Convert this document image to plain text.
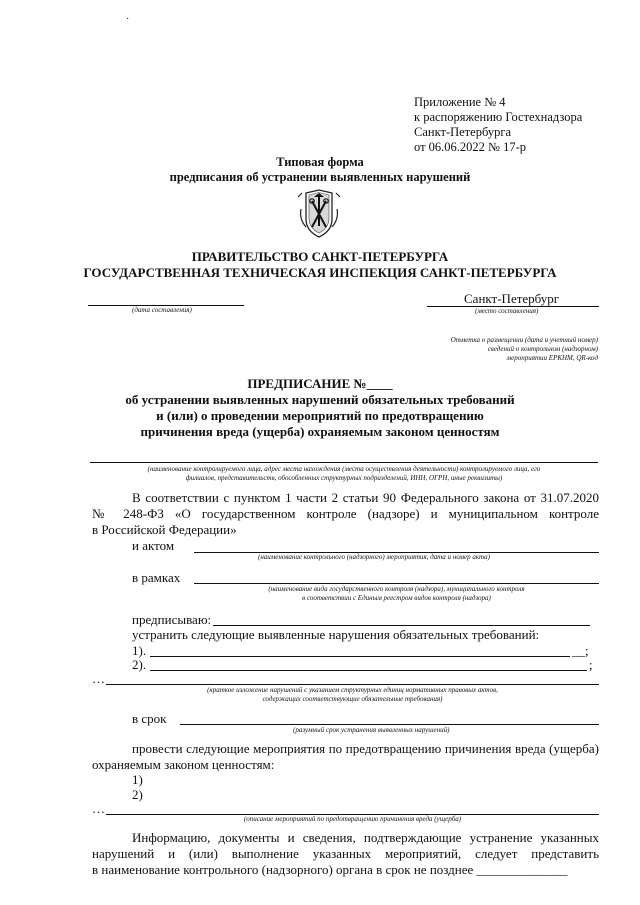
·
Приложение № 4
к распоряжению Гостехнадзора
Санкт-Петербурга
от 06.06.2022 № 17-р
Типовая форма
предписания об устранении выявленных нарушений
ПРАВИТЕЛЬСТВО САНКТ-ПЕТЕРБУРГА
ГОСУДАРСТВЕННАЯ ТЕХНИЧЕСКАЯ ИНСПЕКЦИЯ САНКТ-ПЕТЕРБУРГА
(дата составления)
Санкт-Петербург
(место составления)
Отметка о размещении (дата и учетный номер)
сведений о контрольном (надзорном)
мероприятии ЕРКНМ, QR-код
ПРЕДПИСАНИЕ №____
об устранении выявленных нарушений обязательных требований
и (или) о проведении мероприятий по предотвращению
причинения вреда (ущерба) охраняемым законом ценностям
(наименование контролируемого лица, адрес места нахождения (места осуществления деятельности) контролируемого лица, его
филиалов, представительств, обособленных структурных подразделений, ИНН, ОГРН, иные реквизиты)
В соответствии с пунктом 1 части 2 статьи 90 Федерального закона от 31.07.2020
№ 248-ФЗ «О государственном контроле (надзоре) и муниципальном контроле
в Российской Федерации»
и актом
(наименование контрольного (надзорного) мероприятия, дата и номер акта)
в рамках
(наименование вида государственного контроля (надзора), муниципального контроля
в соответствии с Единым реестром видов контроля (надзора)
предписываю:
устранить следующие выявленные нарушения обязательных требований:
1).	__;
2).	;
…
(краткое изложение нарушений с указанием структурных единиц нормативных правовых актов,
содержащих соответствующие обязательные требования)
в срок
(разумный срок устранения выявленных нарушений)
провести следующие мероприятия по предотвращению причинения вреда (ущерба)
охраняемым законом ценностям:
1)
2)
…
(описание мероприятий по предотвращению причинения вреда (ущерба)
Информацию, документы и сведения, подтверждающие устранение указанных
нарушений и (или) выполнение указанных мероприятий, следует представить
в наименование контрольного (надзорного) органа в срок не позднее ______________
